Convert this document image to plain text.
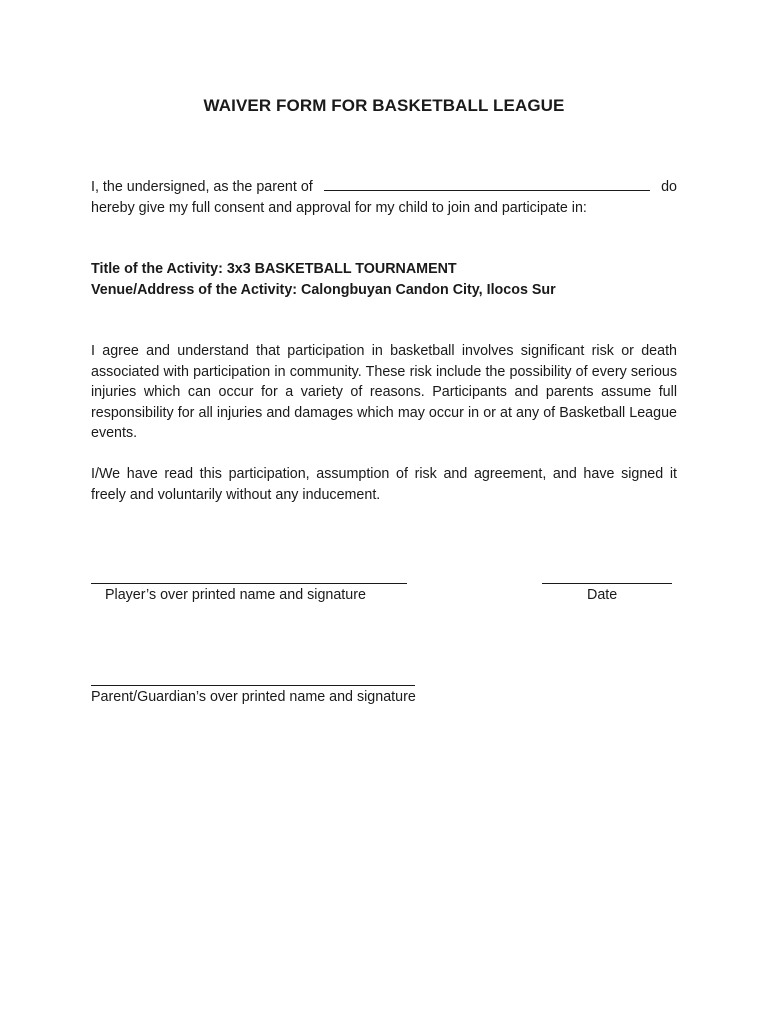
WAIVER FORM FOR BASKETBALL LEAGUE
I, the undersigned, as the parent of	do
hereby give my full consent and approval for my child to join and participate in:
Title of the Activity: 3x3 BASKETBALL TOURNAMENT
Venue/Address of the Activity: Calongbuyan Candon City, Ilocos Sur
I agree and understand that participation in basketball involves significant risk or death associated with participation in community. These risk include the possibility of every serious injuries which can occur for a variety of reasons. Participants and parents assume full responsibility for all injuries and damages which may occur in or at any of Basketball League events.
I/We have read this participation, assumption of risk and agreement, and have signed it freely and voluntarily without any inducement.
Player’s over printed name and signature	Date
Parent/Guardian’s over printed name and signature
